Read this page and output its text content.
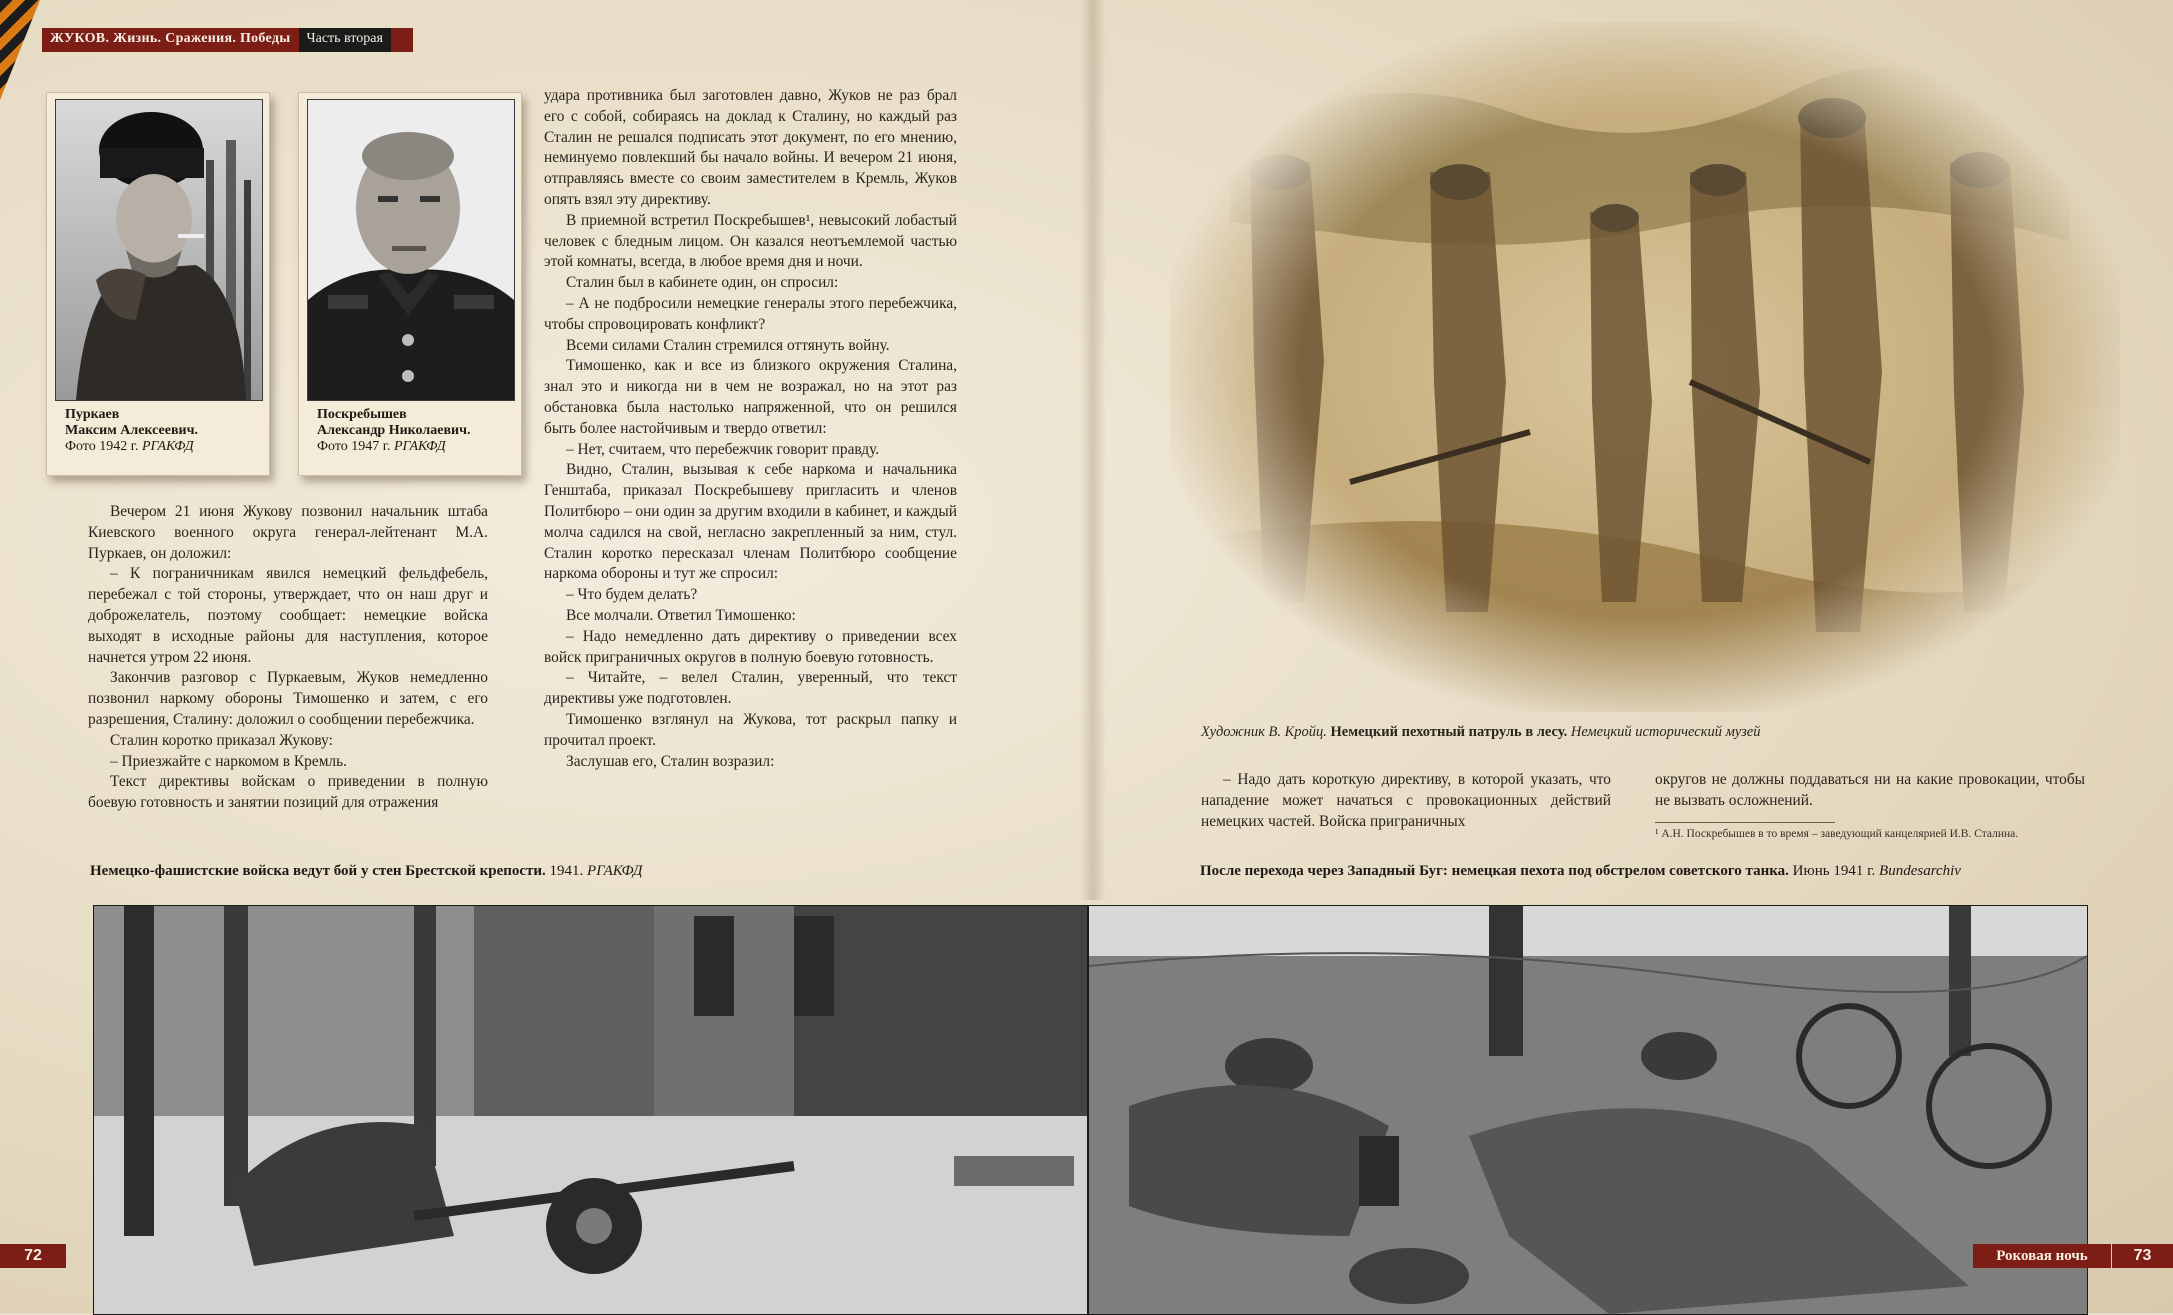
ЖУКОВ. Жизнь. Сражения. Победы	Часть вторая
Пуркаев
Максим Алексеевич.
Фото 1942 г. РГАКФД
Поскребышев
Александр Николаевич.
Фото 1947 г. РГАКФД

Вечером 21 июня Жукову позвонил начальник штаба Киевского военного округа генерал-лейтенант М.А. Пуркаев, он доложил:

– К пограничникам явился немецкий фельдфебель, перебежал с той стороны, утверждает, что он наш друг и доброжелатель, поэтому сообщает: немецкие войска выходят в исходные районы для наступления, которое начнется утром 22 июня.

Закончив разговор с Пуркаевым, Жуков немедленно позвонил наркому обороны Тимошенко и затем, с его разрешения, Сталину: доложил о сообщении перебежчика.

Сталин коротко приказал Жукову:

– Приезжайте с наркомом в Кремль.

Текст директивы войскам о приведении в полную боевую готовность и занятии позиций для отражения

удара противника был заготовлен давно, Жуков не раз брал его с собой, собираясь на доклад к Сталину, но каждый раз Сталин не решался подписать этот документ, по его мнению, неминуемо повлекший бы начало войны. И вечером 21 июня, отправляясь вместе со своим заместителем в Кремль, Жуков опять взял эту директиву.

В приемной встретил Поскребышев¹, невысокий лобастый человек с бледным лицом. Он казался неотъемлемой частью этой комнаты, всегда, в любое время дня и ночи.

Сталин был в кабинете один, он спросил:

– А не подбросили немецкие генералы этого перебежчика, чтобы спровоцировать конфликт?

Всеми силами Сталин стремился оттянуть войну.

Тимошенко, как и все из близкого окружения Сталина, знал это и никогда ни в чем не возражал, но на этот раз обстановка была настолько напряженной, что он решился быть более настойчивым и твердо ответил:

– Нет, считаем, что перебежчик говорит правду.

Видно, Сталин, вызывая к себе наркома и начальника Генштаба, приказал Поскребышеву пригласить и членов Политбюро – они один за другим входили в кабинет, и каждый молча садился на свой, негласно закрепленный за ним, стул. Сталин коротко пересказал членам Политбюро сообщение наркома обороны и тут же спросил:

– Что будем делать?

Все молчали. Ответил Тимошенко:

– Надо немедленно дать директиву о приведении всех войск приграничных округов в полную боевую готовность.

– Читайте, – велел Сталин, уверенный, что текст директивы уже подготовлен.

Тимошенко взглянул на Жукова, тот раскрыл папку и прочитал проект.

Заслушав его, Сталин возразил:

Художник В. Кройц. Немецкий пехотный патруль в лесу. Немецкий исторический музей

– Надо дать короткую директиву, в которой указать, что нападение может начаться с провокационных действий немецких частей. Войска приграничных

округов не должны поддаваться ни на какие провокации, чтобы не вызвать осложнений.

¹ А.Н. Поскребышев в то время – заведующий канцелярией И.В. Сталина.
Немецко-фашистские войска ведут бой у стен Брестской крепости. 1941. РГАКФД	После перехода через Западный Буг: немецкая пехота под обстрелом советского танка. Июнь 1941 г. Bundesarchiv
72	Роковая ночь	73
